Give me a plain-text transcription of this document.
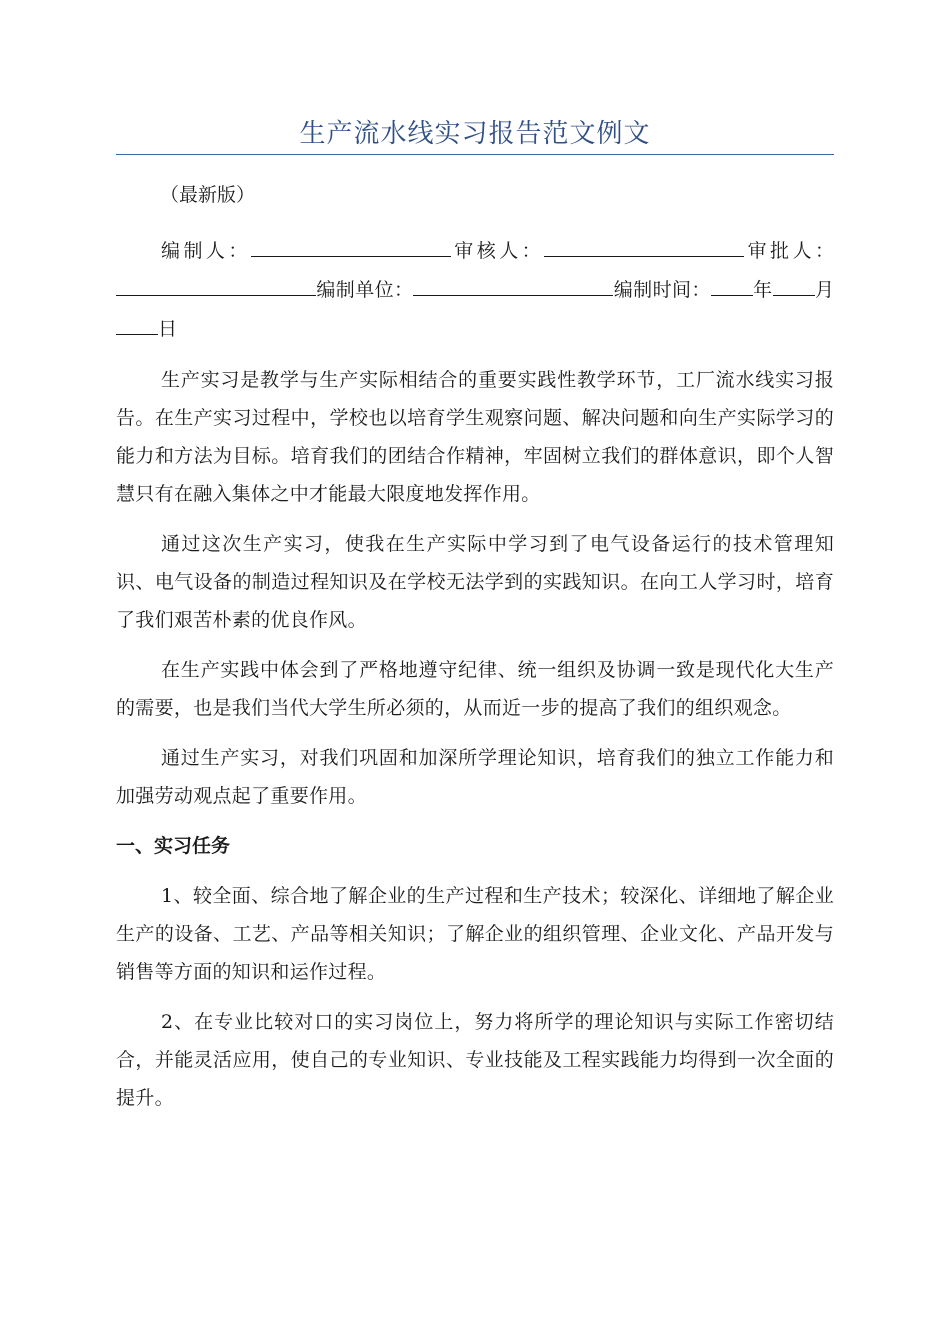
生产流水线实习报告范文例文
（最新版）
编制人：	审核人：	审批人：编制单位：	编制时间： 年 月日

生产实习是教学与生产实际相结合的重要实践性教学环节，工厂流水线实习报告。在生产实习过程中，学校也以培育学生观察问题、解决问题和向生产实际学习的能力和方法为目标。培育我们的团结合作精神，牢固树立我们的群体意识，即个人智慧只有在融入集体之中才能最大限度地发挥作用。

通过这次生产实习，使我在生产实际中学习到了电气设备运行的技术管理知识、电气设备的制造过程知识及在学校无法学到的实践知识。在向工人学习时，培育了我们艰苦朴素的优良作风。

在生产实践中体会到了严格地遵守纪律、统一组织及协调一致是现代化大生产的需要，也是我们当代大学生所必须的，从而近一步的提高了我们的组织观念。

通过生产实习，对我们巩固和加深所学理论知识，培育我们的独立工作能力和加强劳动观点起了重要作用。

一、实习任务

1、较全面、综合地了解企业的生产过程和生产技术；较深化、详细地了解企业生产的设备、工艺、产品等相关知识；了解企业的组织管理、企业文化、产品开发与销售等方面的知识和运作过程。

2、在专业比较对口的实习岗位上，努力将所学的理论知识与实际工作密切结合，并能灵活应用，使自己的专业知识、专业技能及工程实践能力均得到一次全面的提升。
